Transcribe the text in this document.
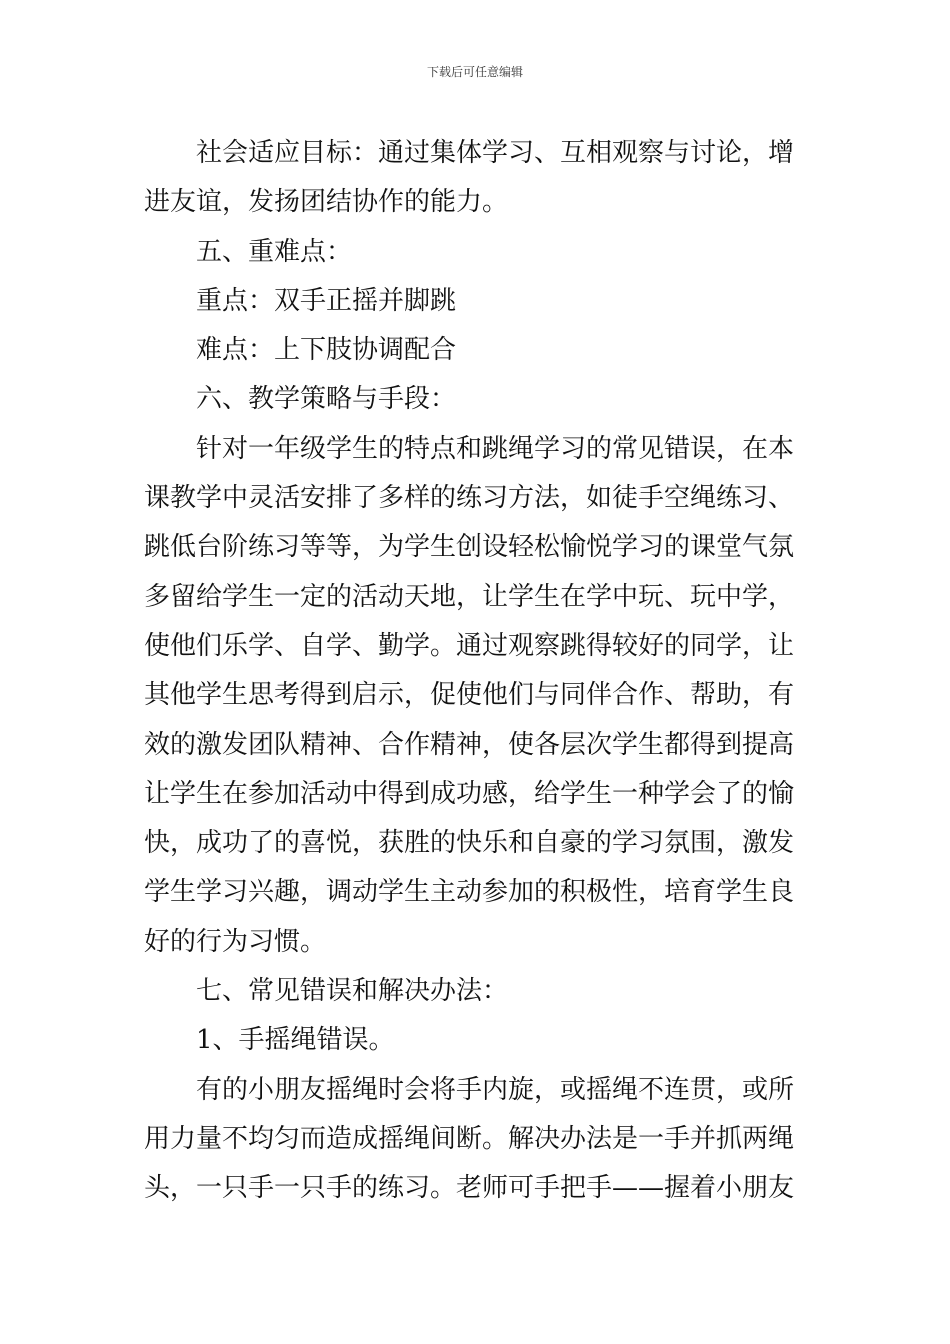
下载后可任意编辑
社会适应目标：通过集体学习、互相观察与讨论，增
进友谊，发扬团结协作的能力。
五、重难点：
重点：双手正摇并脚跳
难点：上下肢协调配合
六、教学策略与手段：
针对一年级学生的特点和跳绳学习的常见错误，在本
课教学中灵活安排了多样的练习方法，如徒手空绳练习、
跳低台阶练习等等，为学生创设轻松愉悦学习的课堂气氛
多留给学生一定的活动天地，让学生在学中玩、玩中学，
使他们乐学、自学、勤学。通过观察跳得较好的同学，让
其他学生思考得到启示，促使他们与同伴合作、帮助，有
效的激发团队精神、合作精神，使各层次学生都得到提高
让学生在参加活动中得到成功感，给学生一种学会了的愉
快，成功了的喜悦，获胜的快乐和自豪的学习氛围，激发
学生学习兴趣，调动学生主动参加的积极性，培育学生良
好的行为习惯。
七、常见错误和解决办法：
1、手摇绳错误。
有的小朋友摇绳时会将手内旋，或摇绳不连贯，或所
用力量不均匀而造成摇绳间断。解决办法是一手并抓两绳
头，一只手一只手的练习。老师可手把手——握着小朋友
